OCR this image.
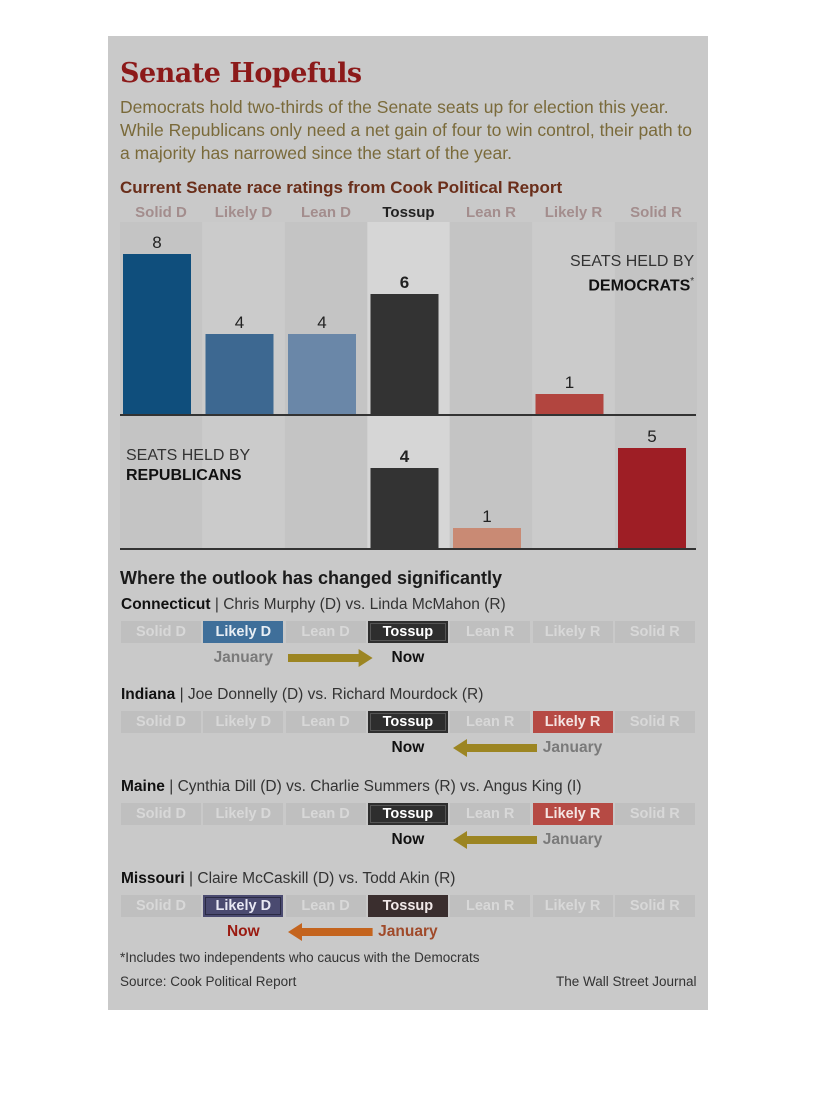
Senate Hopefuls
Democrats hold two-thirds of the Senate seats up for election this year. While Republicans only need a net gain of four to win control, their path to a majority has narrowed since the start of the year.
Current Senate race ratings from Cook Political Report
Solid D	Likely D	Lean D	Tossup	Lean R	Likely R	Solid R
8
4	4
6
1
4
1
5
SEATS HELD BY
DEMOCRATS*
SEATS HELD BY
REPUBLICANS
Where the outlook has changed significantly
Connecticut | Chris Murphy (D) vs. Linda McMahon (R)
Solid D	Likely D	Lean D	Tossup	Lean R	Likely R	Solid R
January	Now
Indiana | Joe Donnelly (D) vs. Richard Mourdock (R)
Solid D	Likely D	Lean D	Tossup	Lean R	Likely R	Solid R
January
Now
Maine | Cynthia Dill (D) vs. Charlie Summers (R) vs. Angus King (I)
Solid D	Likely D	Lean D	Tossup	Lean R	Likely R	Solid R
January
Now
Missouri | Claire McCaskill (D) vs. Todd Akin (R)
Solid D	Likely D	Lean D	Tossup	Lean R	Likely R	Solid R
January
Now
*Includes two independents who caucus with the Democrats
Source: Cook Political Report	The Wall Street Journal
